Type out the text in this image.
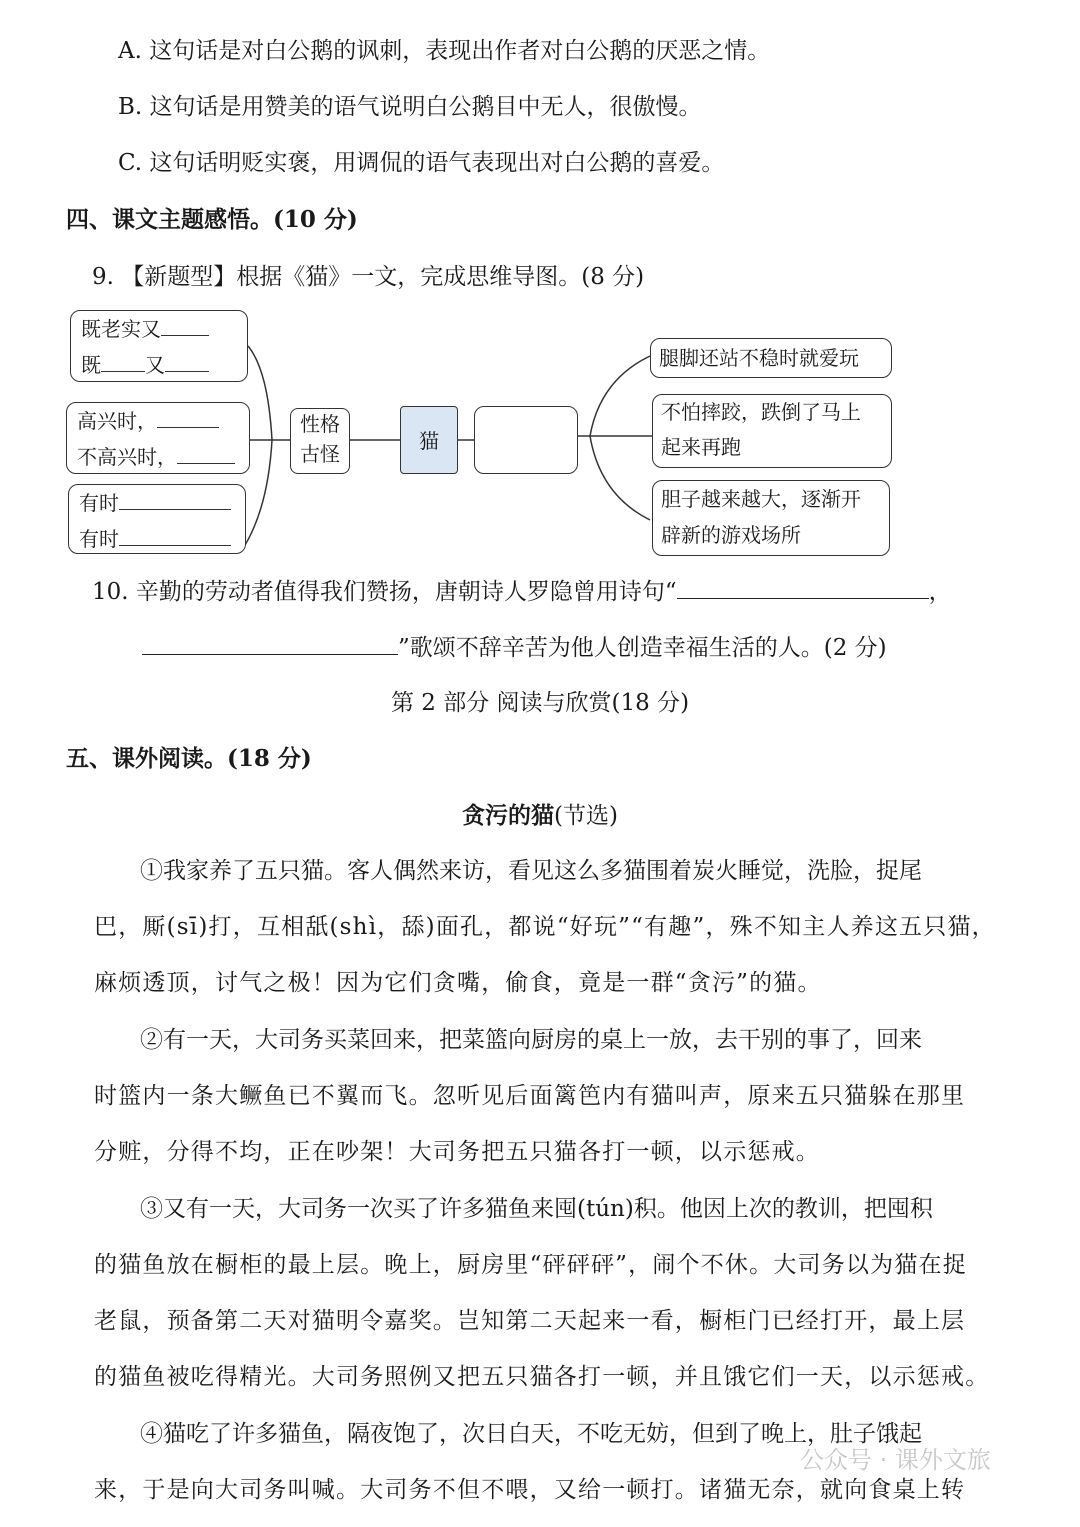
A. 这句话是对白公鹅的讽刺，表现出作者对白公鹅的厌恶之情。
B. 这句话是用赞美的语气说明白公鹅目中无人，很傲慢。
C. 这句话明贬实褒，用调侃的语气表现出对白公鹅的喜爱。
四、课文主题感悟。(10 分)
9. 【新题型】根据《猫》一文，完成思维导图。(8 分)
既老实又
既 又
高兴时，
不高兴时，
有时
有时
性格
古怪
猫
腿脚还站不稳时就爱玩
不怕摔跤，跌倒了马上
起来再跑
胆子越来越大，逐渐开
辟新的游戏场所
10. 辛勤的劳动者值得我们赞扬，唐朝诗人罗隐曾用诗句“	，
”歌颂不辞辛苦为他人创造幸福生活的人。(2 分)
第 2 部分 阅读与欣赏(18 分)
五、课外阅读。(18 分)
贪污的猫(节选)
①我家养了五只猫。客人偶然来访，看见这么多猫围着炭火睡觉，洗脸，捉尾
巴，厮(sī)打，互相舐(shì，舔)面孔，都说“好玩”“有趣”，殊不知主人养这五只猫，
麻烦透顶，讨气之极！因为它们贪嘴，偷食，竟是一群“贪污”的猫。
②有一天，大司务买菜回来，把菜篮向厨房的桌上一放，去干别的事了，回来
时篮内一条大鳜鱼已不翼而飞。忽听见后面篱笆内有猫叫声，原来五只猫躲在那里
分赃，分得不均，正在吵架！大司务把五只猫各打一顿，以示惩戒。
③又有一天，大司务一次买了许多猫鱼来囤(tún)积。他因上次的教训，把囤积
的猫鱼放在橱柜的最上层。晚上，厨房里“砰砰砰”，闹个不休。大司务以为猫在捉
老鼠，预备第二天对猫明令嘉奖。岂知第二天起来一看，橱柜门已经打开，最上层
的猫鱼被吃得精光。大司务照例又把五只猫各打一顿，并且饿它们一天，以示惩戒。
④猫吃了许多猫鱼，隔夜饱了，次日白天，不吃无妨，但到了晚上，肚子饿起
来，于是向大司务叫喊。大司务不但不喂，又给一顿打。诸猫无奈，就向食桌上转
公众号 · 课外文旅
